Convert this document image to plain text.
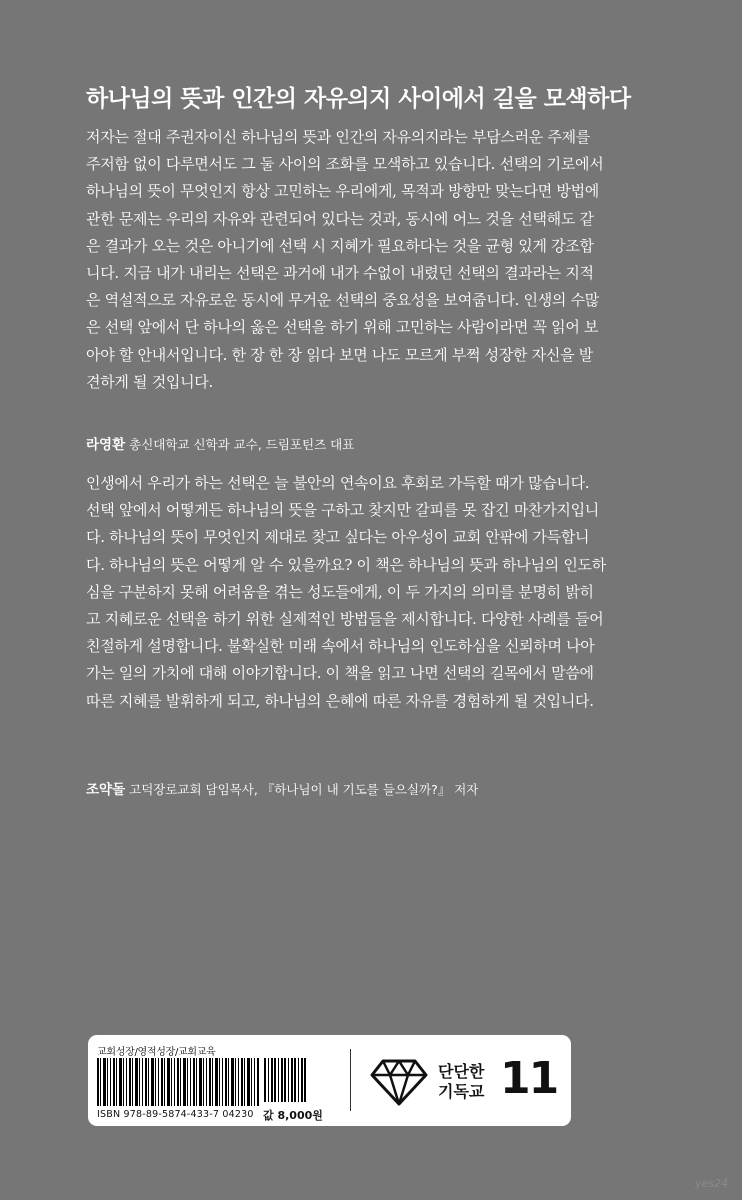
하나님의 뜻과 인간의 자유의지 사이에서 길을 모색하다
저자는 절대 주권자이신 하나님의 뜻과 인간의 자유의지라는 부담스러운 주제를
주저함 없이 다루면서도 그 둘 사이의 조화를 모색하고 있습니다. 선택의 기로에서
하나님의 뜻이 무엇인지 항상 고민하는 우리에게, 목적과 방향만 맞는다면 방법에
관한 문제는 우리의 자유와 관련되어 있다는 것과, 동시에 어느 것을 선택해도 같
은 결과가 오는 것은 아니기에 선택 시 지혜가 필요하다는 것을 균형 있게 강조합
니다. 지금 내가 내리는 선택은 과거에 내가 수없이 내렸던 선택의 결과라는 지적
은 역설적으로 자유로운 동시에 무거운 선택의 중요성을 보여줍니다. 인생의 수많
은 선택 앞에서 단 하나의 옳은 선택을 하기 위해 고민하는 사람이라면 꼭 읽어 보
아야 할 안내서입니다. 한 장 한 장 읽다 보면 나도 모르게 부쩍 성장한 자신을 발
견하게 될 것입니다.
라영환 총신대학교 신학과 교수, 드림포틴즈 대표
인생에서 우리가 하는 선택은 늘 불안의 연속이요 후회로 가득할 때가 많습니다.
선택 앞에서 어떻게든 하나님의 뜻을 구하고 찾지만 갈피를 못 잡긴 마찬가지입니
다. 하나님의 뜻이 무엇인지 제대로 찾고 싶다는 아우성이 교회 안팎에 가득합니
다. 하나님의 뜻은 어떻게 알 수 있을까요? 이 책은 하나님의 뜻과 하나님의 인도하
심을 구분하지 못해 어려움을 겪는 성도들에게, 이 두 가지의 의미를 분명히 밝히
고 지혜로운 선택을 하기 위한 실제적인 방법들을 제시합니다. 다양한 사례를 들어
친절하게 설명합니다. 불확실한 미래 속에서 하나님의 인도하심을 신뢰하며 나아
가는 일의 가치에 대해 이야기합니다. 이 책을 읽고 나면 선택의 길목에서 말씀에
따른 지혜를 발휘하게 되고, 하나님의 은혜에 따른 자유를 경험하게 될 것입니다.
조약돌 고덕장로교회 담임목사, 『하나님이 내 기도를 들으실까?』 저자
교회성장/영적성장/교회교육
ISBN 978-89-5874-433-7 04230 값 8,000원
단단한
기독교 11
yes24
